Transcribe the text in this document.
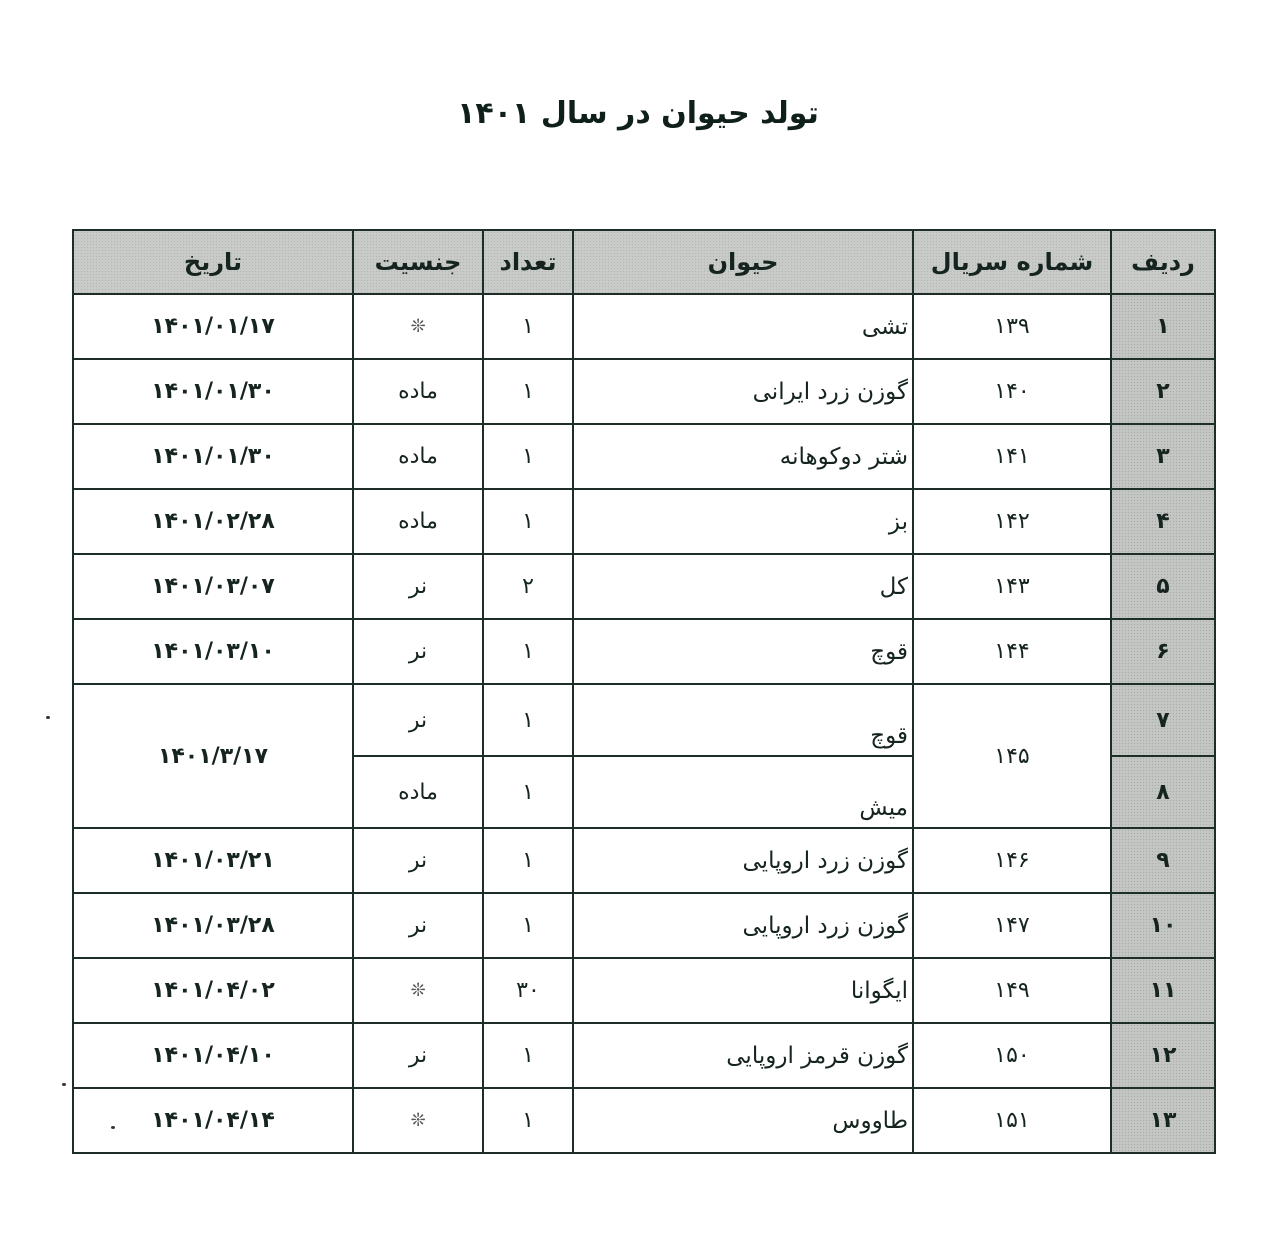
تولد حیوان در سال ۱۴۰۱
ردیف	شماره سریال	حیوان	تعداد	جنسیت	تاریخ
۱	۱۳۹	تشی	۱	❊	۱۴۰۱/۰۱/۱۷
۲	۱۴۰	گوزن زرد ایرانی	۱	ماده	۱۴۰۱/۰۱/۳۰
۳	۱۴۱	شتر دوکوهانه	۱	ماده	۱۴۰۱/۰۱/۳۰
۴	۱۴۲	بز	۱	ماده	۱۴۰۱/۰۲/۲۸
۵	۱۴۳	کل	۲	نر	۱۴۰۱/۰۳/۰۷
۶	۱۴۴	قوچ	۱	نر	۱۴۰۱/۰۳/۱۰
۷	۱۴۵	قوچ	۱	نر	۱۴۰۱/۳/۱۷
۸		میش	۱	ماده	
۹	۱۴۶	گوزن زرد اروپایی	۱	نر	۱۴۰۱/۰۳/۲۱
۱۰	۱۴۷	گوزن زرد اروپایی	۱	نر	۱۴۰۱/۰۳/۲۸
۱۱	۱۴۹	ایگوانا	۳۰	❊	۱۴۰۱/۰۴/۰۲
۱۲	۱۵۰	گوزن قرمز اروپایی	۱	نر	۱۴۰۱/۰۴/۱۰
۱۳	۱۵۱	طاووس	۱	❊	۱۴۰۱/۰۴/۱۴
